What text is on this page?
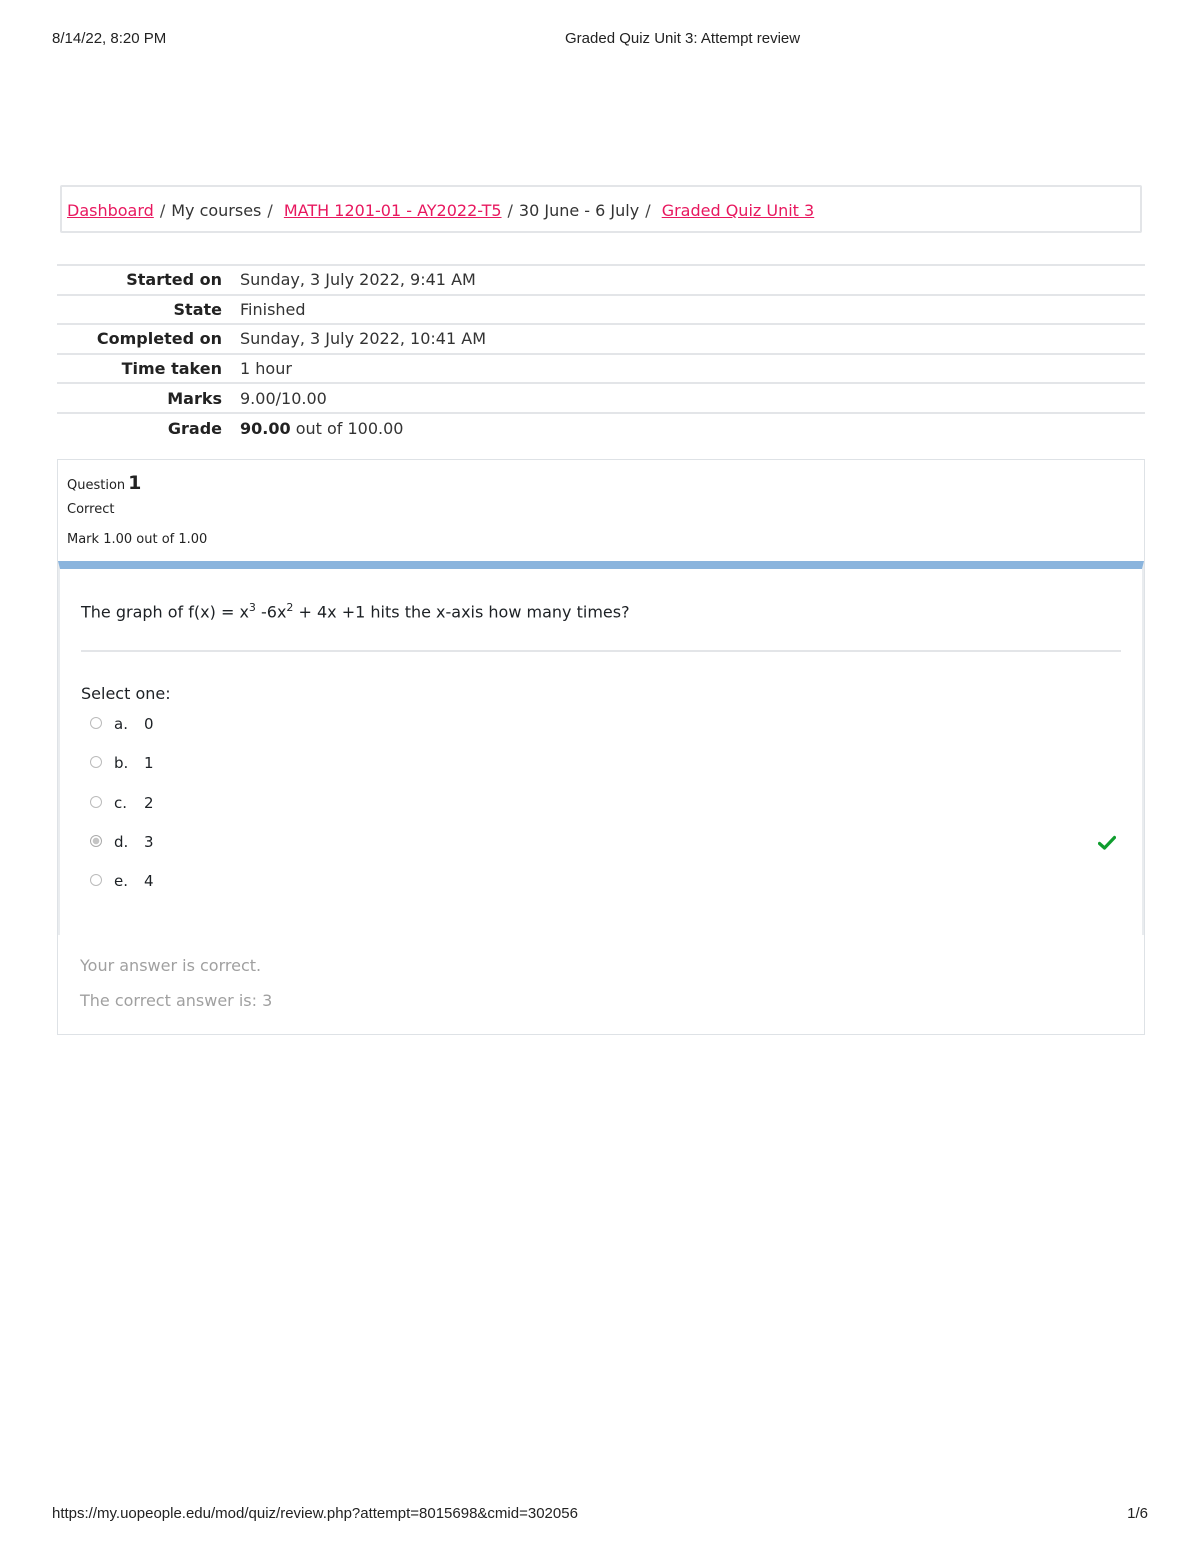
8/14/22, 8:20 PM	Graded Quiz Unit 3: Attempt review
Dashboard / My courses / MATH 1201-01 - AY2022-T5 / 30 June - 6 July / Graded Quiz Unit 3
Started on	Sunday, 3 July 2022, 9:41 AM
State	Finished
Completed on	Sunday, 3 July 2022, 10:41 AM
Time taken	1 hour
Marks	9.00/10.00
Grade	90.00 out of 100.00
Question 1
Correct
Mark 1.00 out of 1.00
The graph of $f(x) = x^3$ $-6x^2 + 4x +1$ hits the x-axis how many times?
Select one:
a. 0
b. 1
c. 2
d. 3
e. 4
Your answer is correct.
The correct answer is: 3
https://my.uopeople.edu/mod/quiz/review.php?attempt=8015698&cmid=302056	1/6
